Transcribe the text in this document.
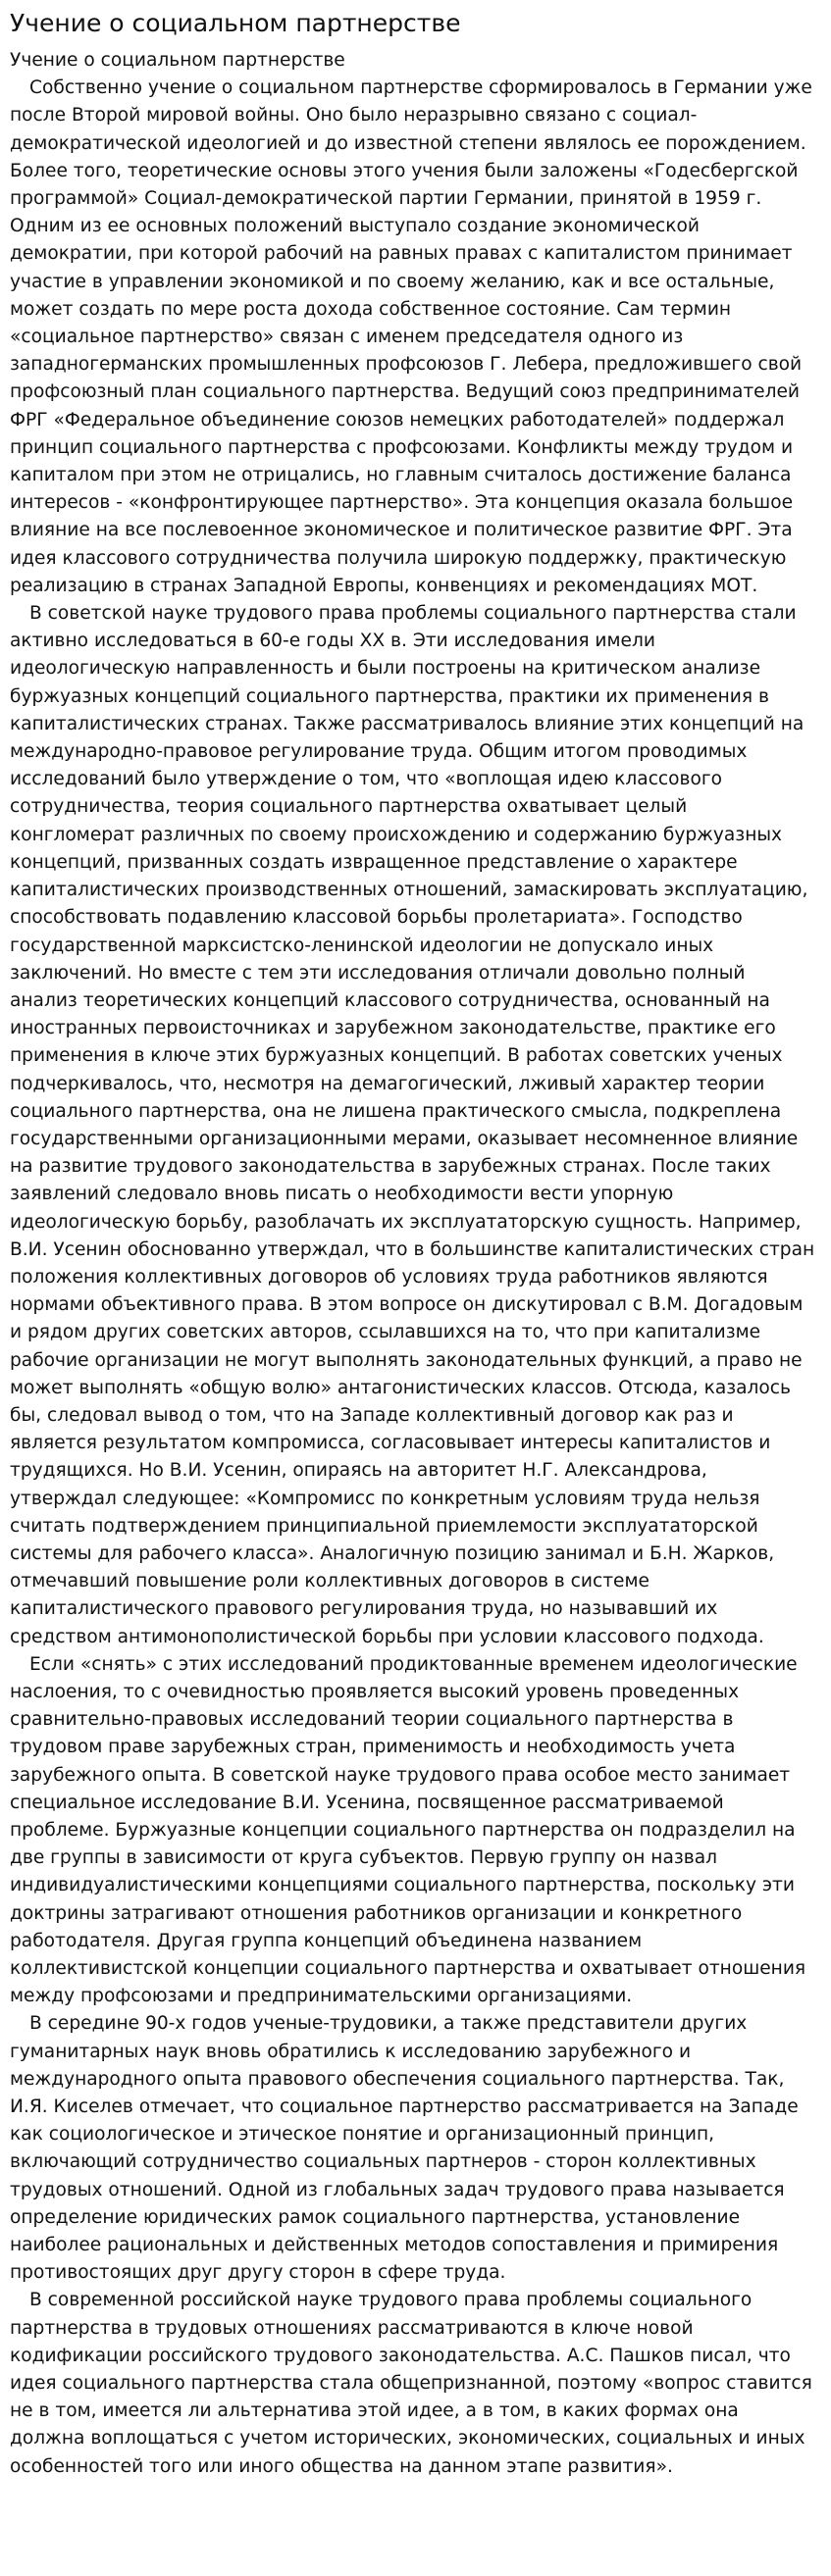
Учение о социальном партнерстве
Учение о социальном партнерстве

Собственно учение о социальном партнерстве сформировалось в Германии уже после Второй мировой войны. Оно было неразрывно связано с социал-демократической идеологией и до известной степени являлось ее порождением. Более того, теоретические основы этого учения были заложены «Годесбергской программой» Социал-демократической партии Германии, принятой в 1959 г. Одним из ее основных положений выступало создание экономической демократии, при которой рабочий на равных правах с капиталистом принимает участие в управлении экономикой и по своему желанию, как и все остальные, может создать по мере роста дохода собственное состояние. Сам термин «социальное партнерство» связан с именем председателя одного из западногерманских промышленных профсоюзов Г. Лебера, предложившего свой профсоюзный план социального партнерства. Ведущий союз предпринимателей ФРГ «Федеральное объединение союзов немецких работодателей» поддержал принцип социального партнерства с профсоюзами. Конфликты между трудом и капиталом при этом не отрицались, но главным считалось достижение баланса интересов - «конфронтирующее партнерство». Эта концепция оказала большое влияние на все послевоенное экономическое и политическое развитие ФРГ. Эта идея классового сотрудничества получила широкую поддержку, практическую реализацию в странах Западной Европы, конвенциях и рекомендациях МОТ.

В советской науке трудового права проблемы социального партнерства стали активно исследоваться в 60-е годы XX в. Эти исследования имели идеологическую направленность и были построены на критическом анализе буржуазных концепций социального партнерства, практики их применения в капиталистических странах. Также рассматривалось влияние этих концепций на международно-правовое регулирование труда. Общим итогом проводимых исследований было утверждение о том, что «воплощая идею классового сотрудничества, теория социального партнерства охватывает целый конгломерат различных по своему происхождению и содержанию буржуазных концепций, призванных создать извращенное представление о характере капиталистических производственных отношений, замаскировать эксплуатацию, способствовать подавлению классовой борьбы пролетариата». Господство государственной марксистско-ленинской идеологии не допускало иных заключений. Но вместе с тем эти исследования отличали довольно полный анализ теоретических концепций классового сотрудничества, основанный на иностранных первоисточниках и зарубежном законодательстве, практике его применения в ключе этих буржуазных концепций. В работах советских ученых подчеркивалось, что, несмотря на демагогический, лживый характер теории социального партнерства, она не лишена практического смысла, подкреплена государственными организационными мерами, оказывает несомненное влияние на развитие трудового законодательства в зарубежных странах. После таких заявлений следовало вновь писать о необходимости вести упорную идеологическую борьбу, разоблачать их эксплуататорскую сущность. Например, В.И. Усенин обоснованно утверждал, что в большинстве капиталистических стран положения коллективных договоров об условиях труда работников являются нормами объективного права. В этом вопросе он дискутировал с В.М. Догадовым и рядом других советских авторов, ссылавшихся на то, что при капитализме рабочие организации не могут выполнять законодательных функций, а право не может выполнять «общую волю» антагонистических классов. Отсюда, казалось бы, следовал вывод о том, что на Западе коллективный договор как раз и является результатом компромисса, согласовывает интересы капиталистов и трудящихся. Но В.И. Усенин, опираясь на авторитет Н.Г. Александрова, утверждал следующее: «Компромисс по конкретным условиям труда нельзя считать подтверждением принципиальной приемлемости эксплуататорской системы для рабочего класса». Аналогичную позицию занимал и Б.Н. Жарков, отмечавший повышение роли коллективных договоров в системе капиталистического правового регулирования труда, но называвший их средством антимонополистической борьбы при условии классового подхода.

Если «снять» с этих исследований продиктованные временем идеологические наслоения, то с очевидностью проявляется высокий уровень проведенных сравнительно-правовых исследований теории социального партнерства в трудовом праве зарубежных стран, применимость и необходимость учета зарубежного опыта. В советской науке трудового права особое место занимает специальное исследование В.И. Усенина, посвященное рассматриваемой проблеме. Буржуазные концепции социального партнерства он подразделил на две группы в зависимости от круга субъектов. Первую группу он назвал индивидуалистическими концепциями социального партнерства, поскольку эти доктрины затрагивают отношения работников организации и конкретного работодателя. Другая группа концепций объединена названием коллективистской концепции социального партнерства и охватывает отношения между профсоюзами и предпринимательскими организациями.

В середине 90-х годов ученые-трудовики, а также представители других гуманитарных наук вновь обратились к исследованию зарубежного и международного опыта правового обеспечения социального партнерства. Так, И.Я. Киселев отмечает, что социальное партнерство рассматривается на Западе как социологическое и этическое понятие и организационный принцип, включающий сотрудничество социальных партнеров - сторон коллективных трудовых отношений. Одной из глобальных задач трудового права называется определение юридических рамок социального партнерства, установление наиболее рациональных и действенных методов сопоставления и примирения противостоящих друг другу сторон в сфере труда.

В современной российской науке трудового права проблемы социального партнерства в трудовых отношениях рассматриваются в ключе новой кодификации российского трудового законодательства. А.С. Пашков писал, что идея социального партнерства стала общепризнанной, поэтому «вопрос ставится не в том, имеется ли альтернатива этой идее, а в том, в каких формах она должна воплощаться с учетом исторических, экономических, социальных и иных особенностей того или иного общества на данном этапе развития».
